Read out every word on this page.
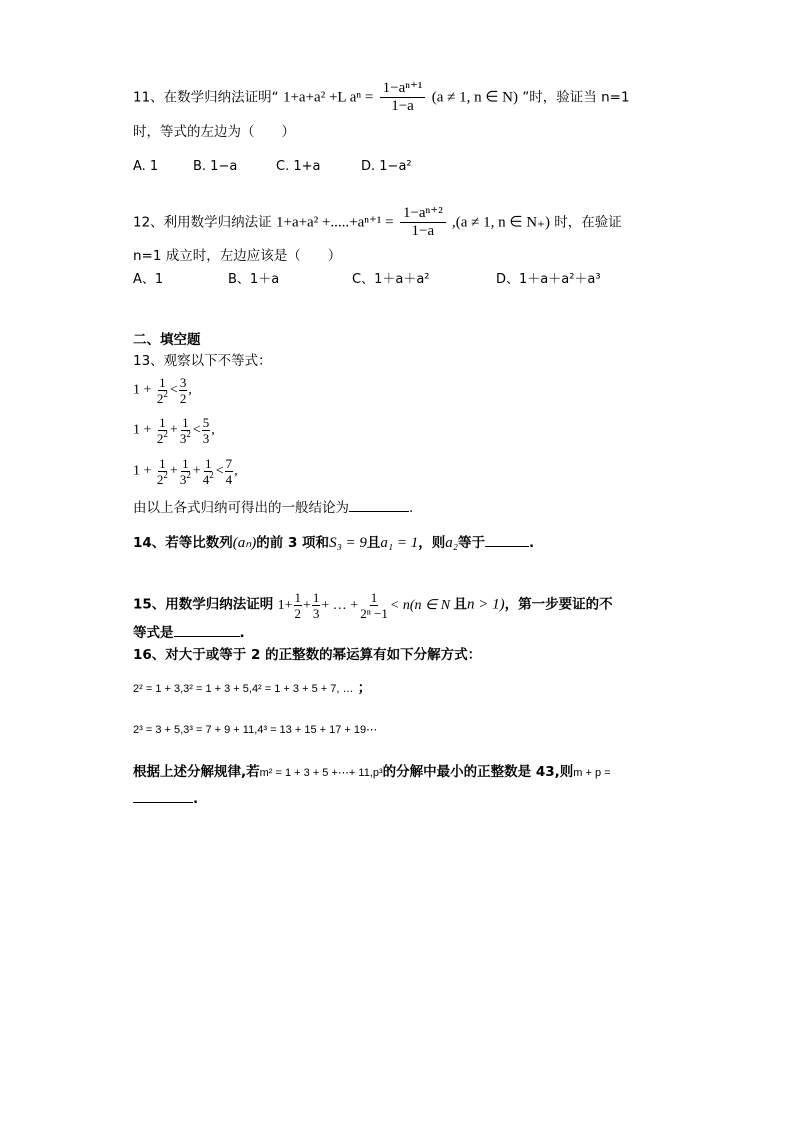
11、在数学归纳法证明“ 1+a+a² +L $a^n = \frac{\text{1−aⁿ⁺¹}}{1-a} (a \ne 1$, n ∈ N) ”时，验证当 n=1
时，等式的左边为（　　）
A. 1	B. 1−a	C. 1+a	D. 1−a²
12、利用数学归纳法证 $1+a+a^2 +.....+a^{n+1} = \frac{\text{1−aⁿ⁺²}}{1-a} ,(a \ne 1$, n ∈ N₊) 时，在验证
n=1 成立时，左边应该是（　　）
A、1	B、1＋a	C、1＋a＋a²	D、1＋a＋a²＋a³
二、填空题
13、观察以下不等式：
$1 + \frac{1}{2^2} < \frac{3}{2}$ ,
$1 + \frac{1}{2^2} + \frac{1}{3^2} < \frac{5}{3}$ ,
$1 + \frac{1}{2^2} + \frac{1}{3^2} + \frac{1}{4^2} < \frac{7}{4}$ ,
由以上各式归纳可得出的一般结论为	.
14、若等比数列(aₙ)的前 3 项和S₃ = 9且a₁ = 1，则a₂等于	.
15、用数学归纳法证明 $1+ \frac{1}{2} + \frac{1}{3}$ + … + $\frac{1}{\text{2ⁿ −1}} < n(n$ ∈ N 且n > 1)，第一步要证的不
等式是	.
16、对大于或等于 2 的正整数的幂运算有如下分解方式：
2² = 1 + 3,3² = 1 + 3 + 5,4² = 1 + 3 + 5 + 7, … ；
2³ = 3 + 5,3³ = 7 + 9 + 11,4³ = 13 + 15 + 17 + 19⋯
根据上述分解规律,若m² = 1 + 3 + 5 +⋯+ 11,p³的分解中最小的正整数是 43,则m + p =
.
